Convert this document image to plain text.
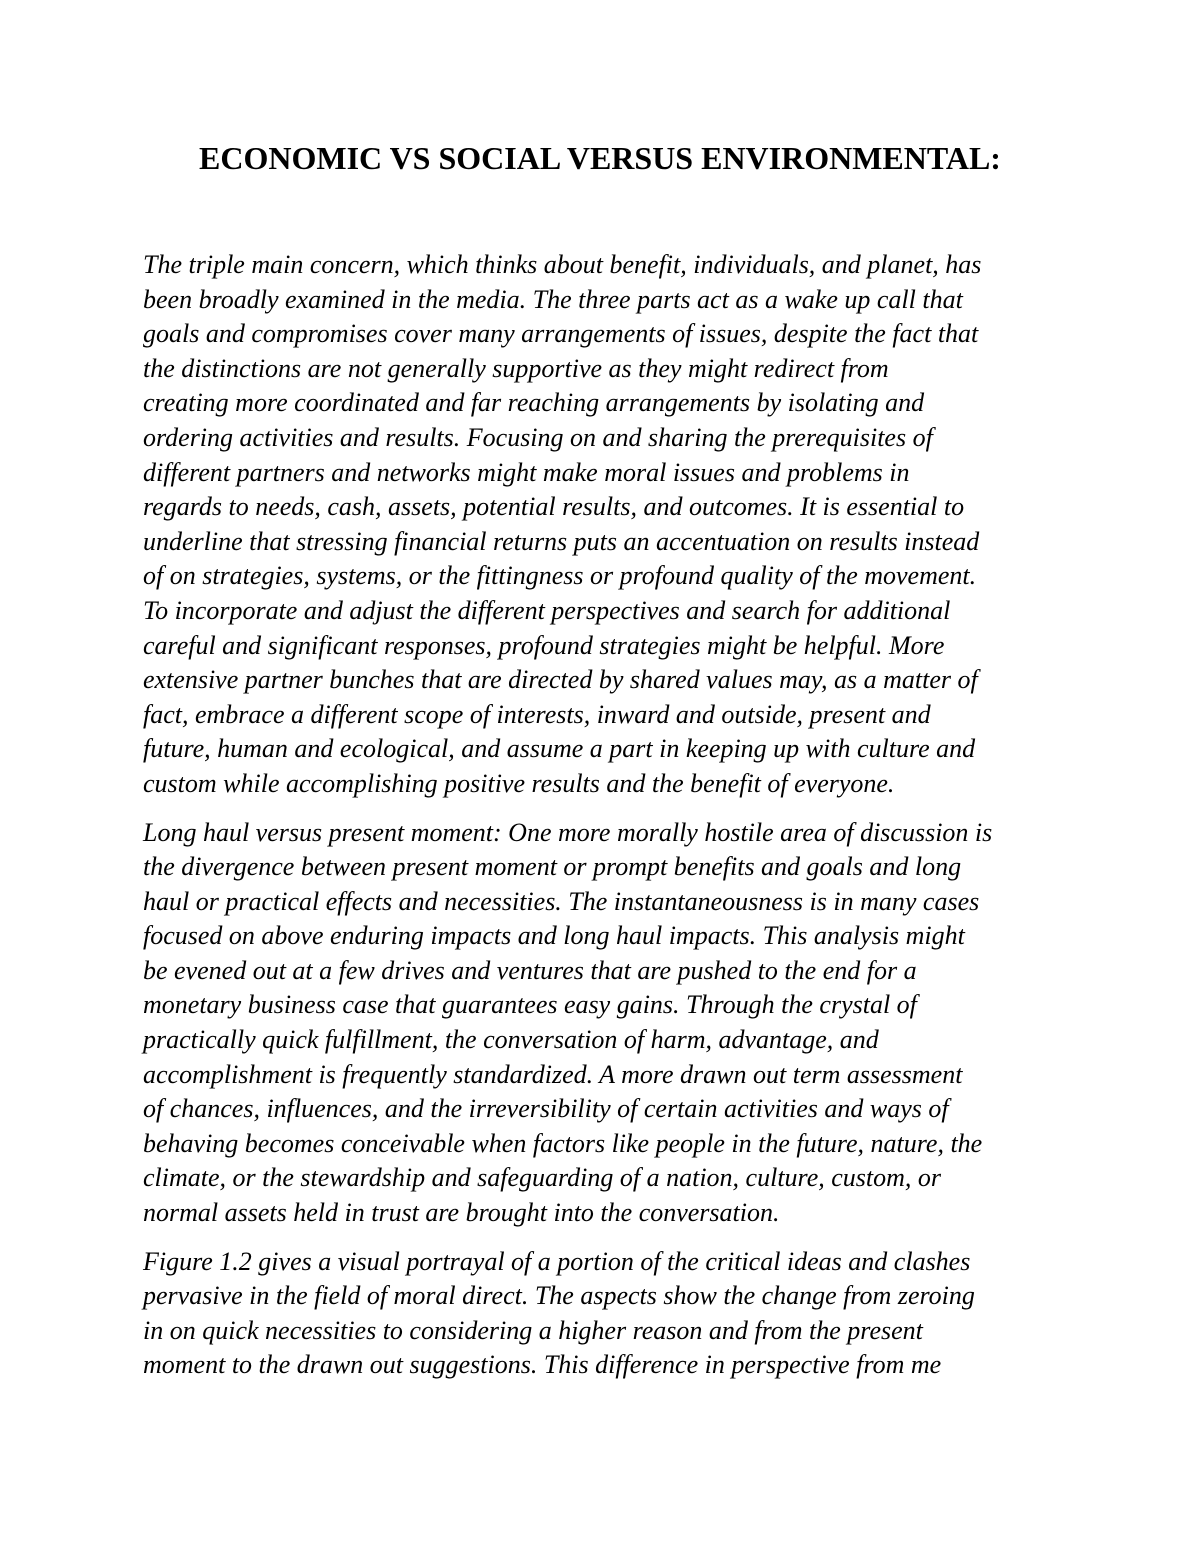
ECONOMIC VS SOCIAL VERSUS ENVIRONMENTAL:

The triple main concern, which thinks about benefit, individuals, and planet, has
been broadly examined in the media. The three parts act as a wake up call that
goals and compromises cover many arrangements of issues, despite the fact that
the distinctions are not generally supportive as they might redirect from
creating more coordinated and far reaching arrangements by isolating and
ordering activities and results. Focusing on and sharing the prerequisites of
different partners and networks might make moral issues and problems in
regards to needs, cash, assets, potential results, and outcomes. It is essential to
underline that stressing financial returns puts an accentuation on results instead
of on strategies, systems, or the fittingness or profound quality of the movement.
To incorporate and adjust the different perspectives and search for additional
careful and significant responses, profound strategies might be helpful. More
extensive partner bunches that are directed by shared values may, as a matter of
fact, embrace a different scope of interests, inward and outside, present and
future, human and ecological, and assume a part in keeping up with culture and
custom while accomplishing positive results and the benefit of everyone.

Long haul versus present moment: One more morally hostile area of discussion is
the divergence between present moment or prompt benefits and goals and long
haul or practical effects and necessities. The instantaneousness is in many cases
focused on above enduring impacts and long haul impacts. This analysis might
be evened out at a few drives and ventures that are pushed to the end for a
monetary business case that guarantees easy gains. Through the crystal of
practically quick fulfillment, the conversation of harm, advantage, and
accomplishment is frequently standardized. A more drawn out term assessment
of chances, influences, and the irreversibility of certain activities and ways of
behaving becomes conceivable when factors like people in the future, nature, the
climate, or the stewardship and safeguarding of a nation, culture, custom, or
normal assets held in trust are brought into the conversation.

Figure 1.2 gives a visual portrayal of a portion of the critical ideas and clashes
pervasive in the field of moral direct. The aspects show the change from zeroing
in on quick necessities to considering a higher reason and from the present
moment to the drawn out suggestions. This difference in perspective from me
